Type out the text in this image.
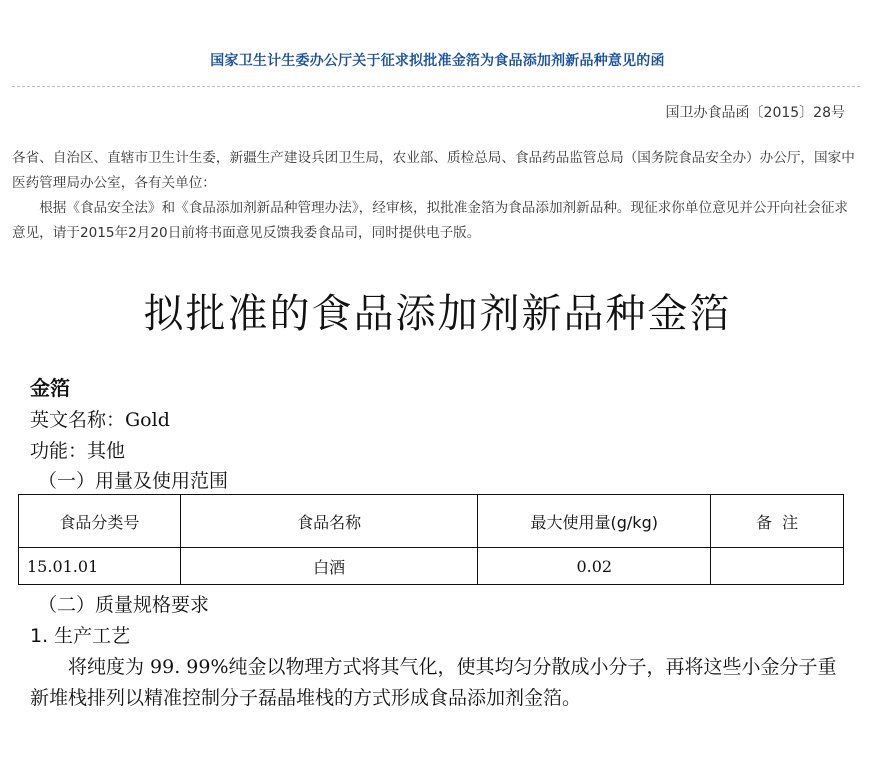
国家卫生计生委办公厅关于征求拟批准金箔为食品添加剂新品种意见的函
国卫办食品函〔2015〕28号
各省、自治区、直辖市卫生计生委，新疆生产建设兵团卫生局，农业部、质检总局、食品药品监管总局（国务院食品安全办）办公厅，国家中医药管理局办公室，各有关单位：
根据《食品安全法》和《食品添加剂新品种管理办法》，经审核，拟批准金箔为食品添加剂新品种。现征求你单位意见并公开向社会征求意见，请于2015年2月20日前将书面意见反馈我委食品司，同时提供电子版。
拟批准的食品添加剂新品种金箔
金箔
英文名称：Gold
功能：其他
（一）用量及使用范围
食品分类号	食品名称	最大使用量(g/kg)	备  注
15.01.01	白酒	0.02	
（二）质量规格要求
1. 生产工艺
将纯度为 99. 99%纯金以物理方式将其气化，使其均匀分散成小分子，再将这些小金分子重新堆栈排列以精准控制分子磊晶堆栈的方式形成食品添加剂金箔。
